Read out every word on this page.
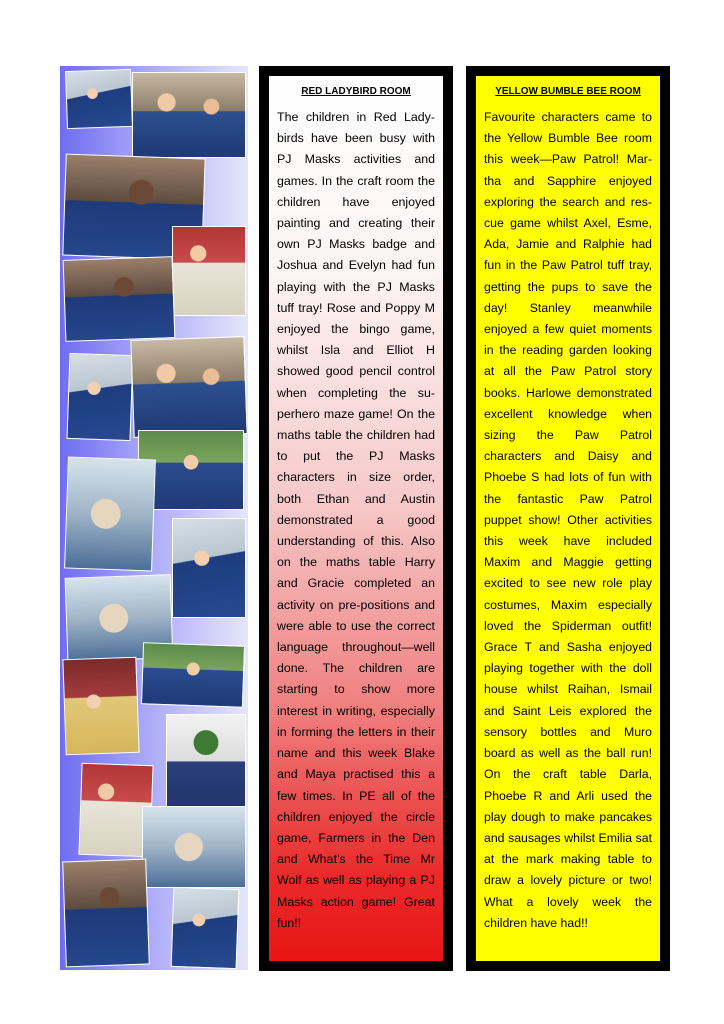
RED LADYBIRD ROOM

The children in Red Ladybirds have been busy with PJ Masks activities and games. In the craft room the children have enjoyed painting and creating their own PJ Masks badge and Joshua and Evelyn had fun playing with the PJ Masks tuff tray! Rose and Poppy M enjoyed the bingo game, whilst Isla and Elliot H showed good pencil control when completing the superhero maze game! On the maths table the children had to put the PJ Masks characters in size order, both Ethan and Austin demonstrated a good understanding of this. Also on the maths table Harry and Gracie completed an activity on pre-positions and were able to use the correct language throughout—well done. The children are starting to show more interest in writing, especially in forming the letters in their name and this week Blake and Maya practised this a few times. In PE all of the children enjoyed the circle game, Farmers in the Den and What’s the Time Mr Wolf as well as playing a PJ Masks action game! Great fun!!

YELLOW BUMBLE BEE ROOM

Favourite characters came to the Yellow Bumble Bee room this week—Paw Patrol! Martha and Sapphire enjoyed exploring the search and rescue game whilst Axel, Esme, Ada, Jamie and Ralphie had fun in the Paw Patrol tuff tray, getting the pups to save the day! Stanley meanwhile enjoyed a few quiet moments in the reading garden looking at all the Paw Patrol story books. Harlowe demonstrated excellent knowledge when sizing the Paw Patrol characters and Daisy and Phoebe S had lots of fun with the fantastic Paw Patrol puppet show! Other activities this week have included Maxim and Maggie getting excited to see new role play costumes, Maxim especially loved the Spiderman outfit! Grace T and Sasha enjoyed playing together with the doll house whilst Raihan, Ismail and Saint Leis explored the sensory bottles and Muro board as well as the ball run! On the craft table Darla, Phoebe R and Arli used the play dough to make pancakes and sausages whilst Emilia sat at the mark making table to draw a lovely picture or two! What a lovely week the children have had!!
